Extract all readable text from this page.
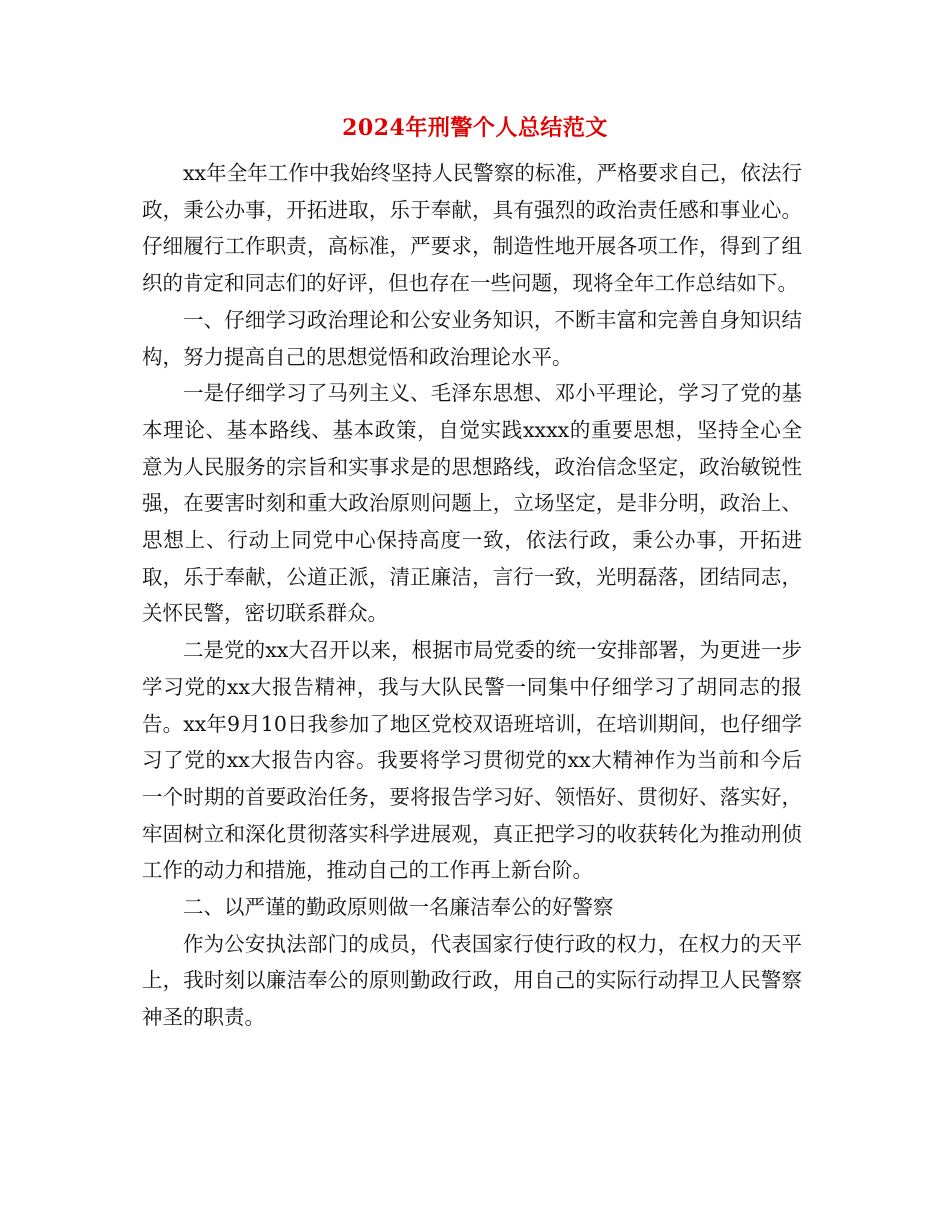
2024年刑警个人总结范文

xx年全年工作中我始终坚持人民警察的标准，严格要求自己，依法行政，秉公办事，开拓进取，乐于奉献，具有强烈的政治责任感和事业心。仔细履行工作职责，高标准，严要求，制造性地开展各项工作，得到了组织的肯定和同志们的好评，但也存在一些问题，现将全年工作总结如下。

一、仔细学习政治理论和公安业务知识，不断丰富和完善自身知识结构，努力提高自己的思想觉悟和政治理论水平。

一是仔细学习了马列主义、毛泽东思想、邓小平理论，学习了党的基本理论、基本路线、基本政策，自觉实践xxxx的重要思想，坚持全心全意为人民服务的宗旨和实事求是的思想路线，政治信念坚定，政治敏锐性强，在要害时刻和重大政治原则问题上，立场坚定，是非分明，政治上、思想上、行动上同党中心保持高度一致，依法行政，秉公办事，开拓进取，乐于奉献，公道正派，清正廉洁，言行一致，光明磊落，团结同志，关怀民警，密切联系群众。

二是党的xx大召开以来，根据市局党委的统一安排部署，为更进一步学习党的xx大报告精神，我与大队民警一同集中仔细学习了胡同志的报告。xx年9月10日我参加了地区党校双语班培训，在培训期间，也仔细学习了党的xx大报告内容。我要将学习贯彻党的xx大精神作为当前和今后一个时期的首要政治任务，要将报告学习好、领悟好、贯彻好、落实好，牢固树立和深化贯彻落实科学进展观，真正把学习的收获转化为推动刑侦工作的动力和措施，推动自己的工作再上新台阶。

二、以严谨的勤政原则做一名廉洁奉公的好警察

作为公安执法部门的成员，代表国家行使行政的权力，在权力的天平上，我时刻以廉洁奉公的原则勤政行政，用自己的实际行动捍卫人民警察神圣的职责。
